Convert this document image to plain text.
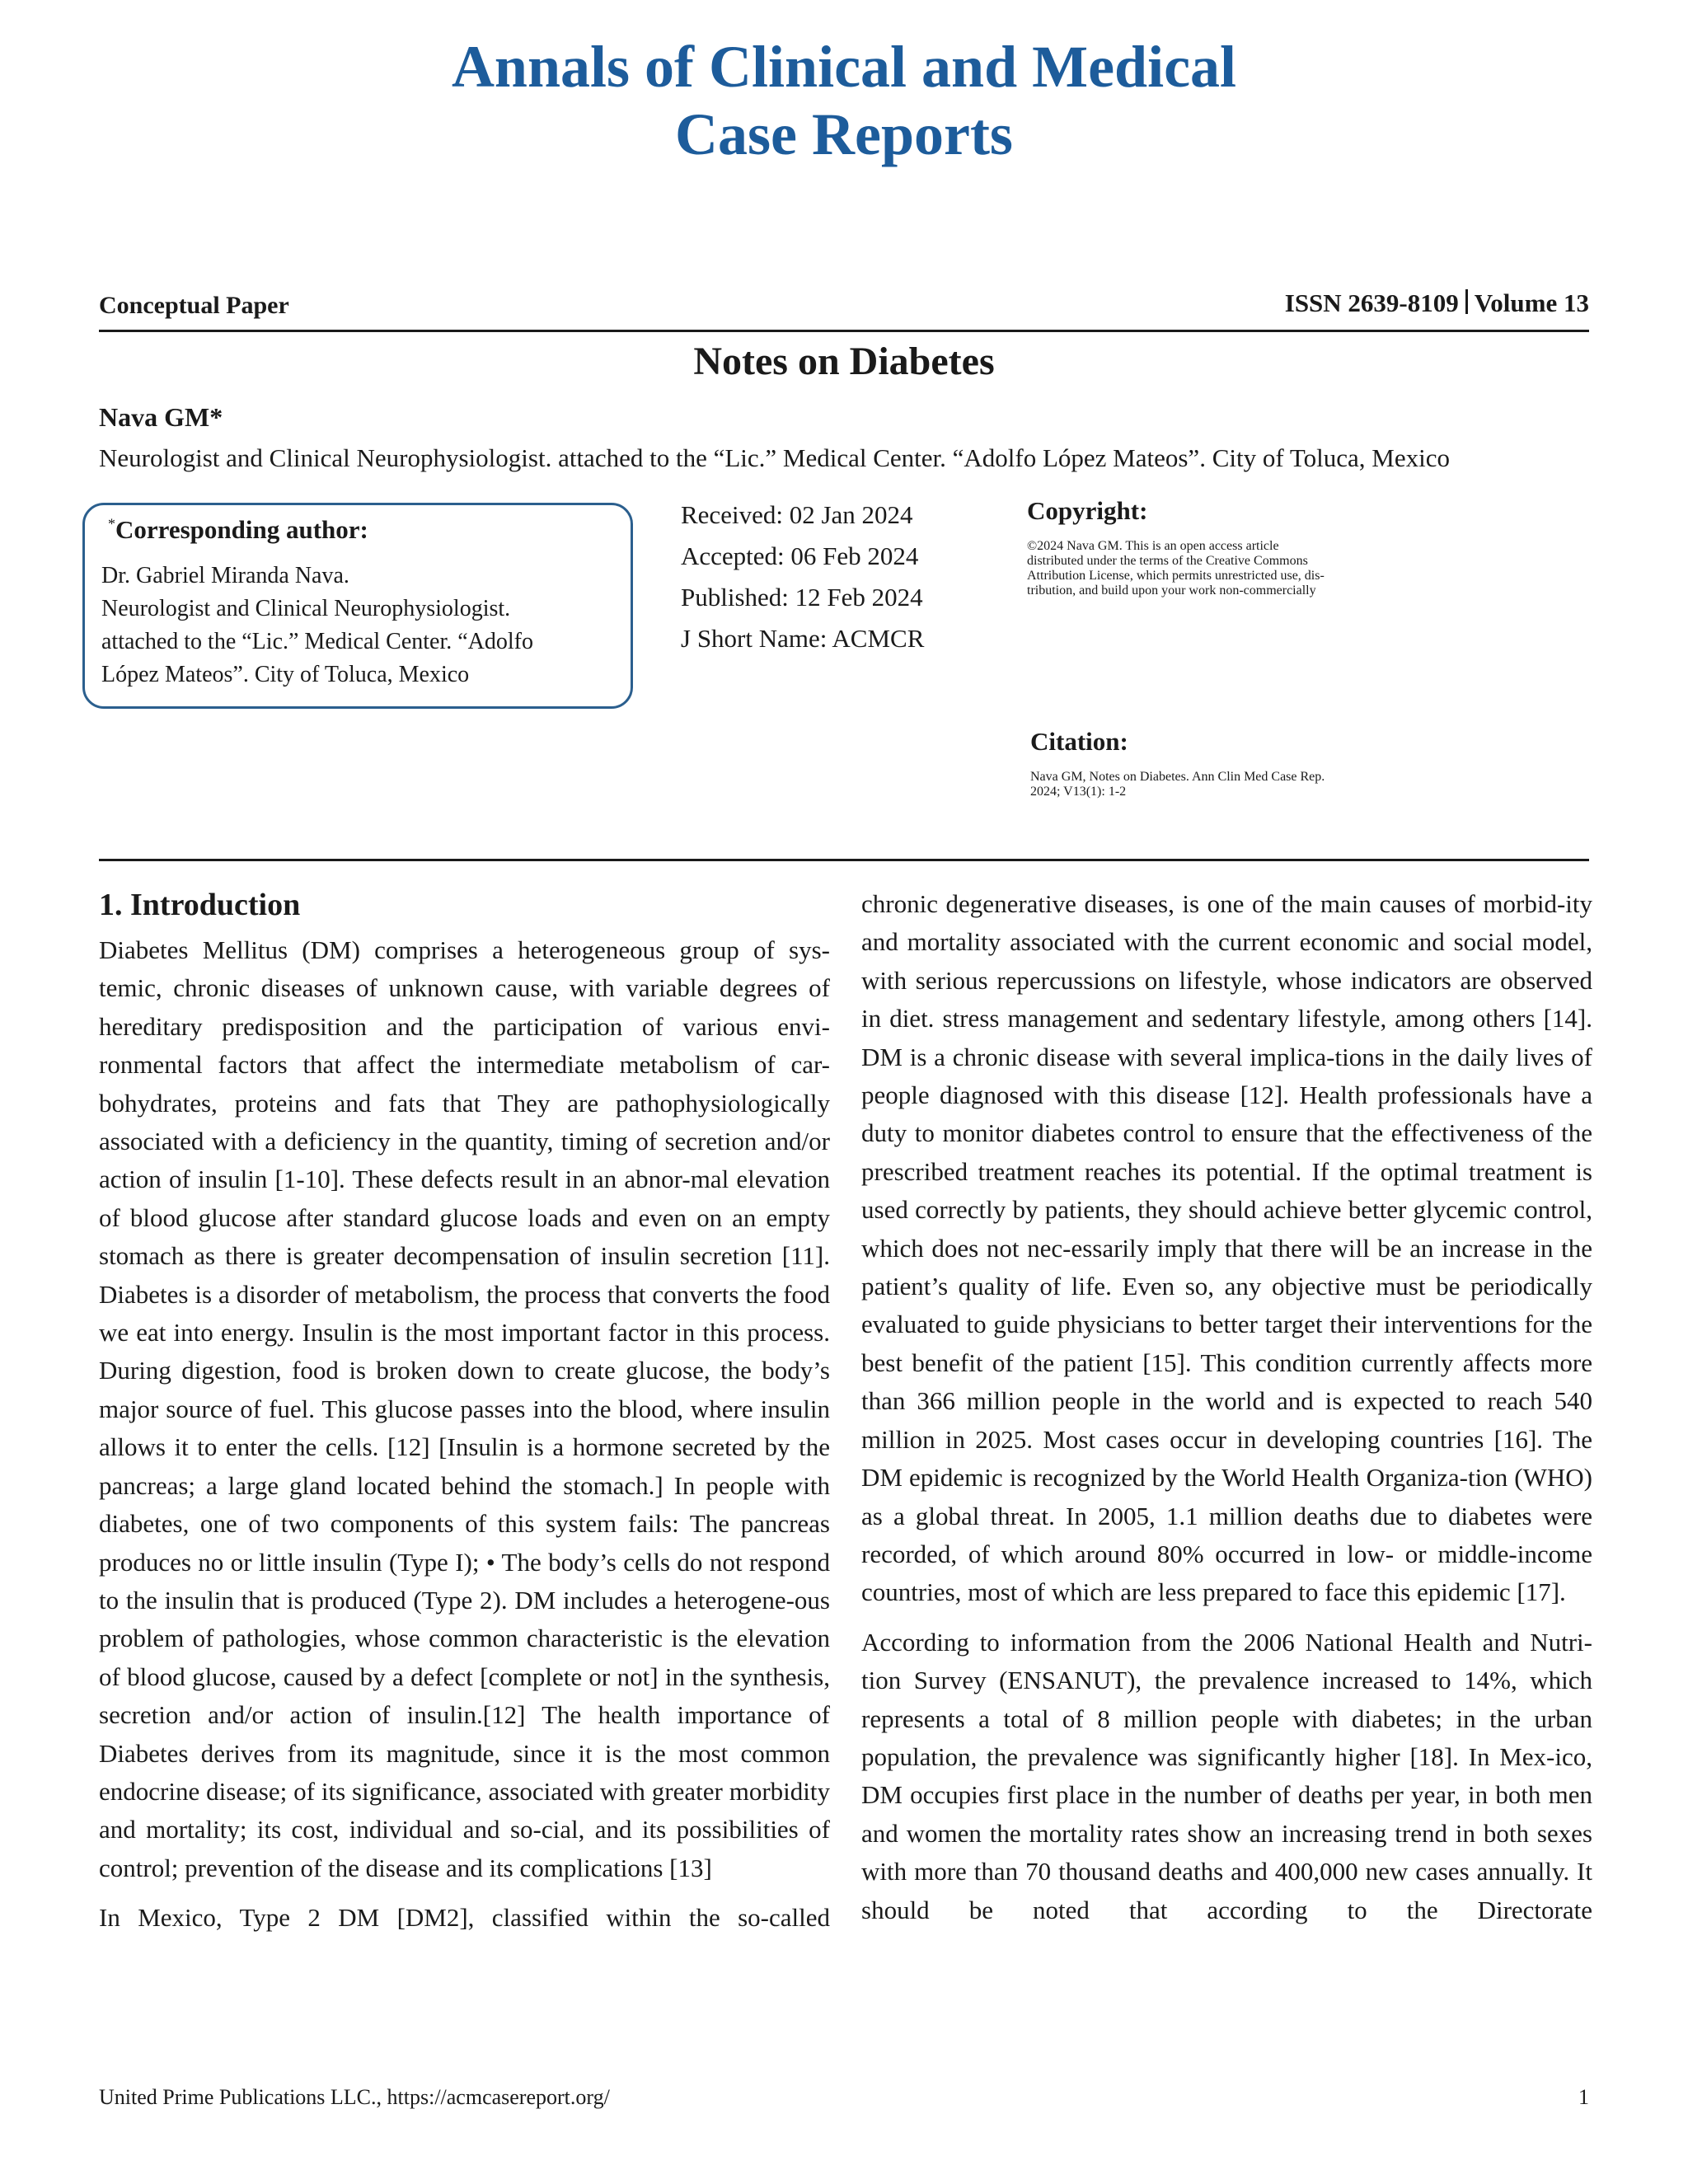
Annals of Clinical and Medical
Case Reports
Conceptual Paper	ISSN 2639-8109 Volume 13
Notes on Diabetes
Nava GM*
Neurologist and Clinical Neurophysiologist. attached to the “Lic.” Medical Center. “Adolfo López Mateos”. City of Toluca, Mexico
*Corresponding author:
Dr. Gabriel Miranda Nava.
Neurologist and Clinical Neurophysiologist.
attached to the “Lic.” Medical Center. “Adolfo
López Mateos”. City of Toluca, Mexico
Received: 02 Jan 2024
Accepted: 06 Feb 2024
Published: 12 Feb 2024
J Short Name: ACMCR
Copyright:

©2024 Nava GM. This is an open access article
distributed under the terms of the Creative Commons
Attribution License, which permits unrestricted use, dis-
tribution, and build upon your work non-commercially

Citation:

Nava GM, Notes on Diabetes. Ann Clin Med Case Rep.
2024; V13(1): 1-2

1. Introduction

Diabetes Mellitus (DM) comprises a heterogeneous group of sys-temic, chronic diseases of unknown cause, with variable degrees of hereditary predisposition and the participation of various envi-ronmental factors that affect the intermediate metabolism of car-bohydrates, proteins and fats that They are pathophysiologically associated with a deficiency in the quantity, timing of secretion and/or action of insulin [1-10]. These defects result in an abnor-mal elevation of blood glucose after standard glucose loads and even on an empty stomach as there is greater decompensation of insulin secretion [11]. Diabetes is a disorder of metabolism, the process that converts the food we eat into energy. Insulin is the most important factor in this process. During digestion, food is broken down to create glucose, the body’s major source of fuel. This glucose passes into the blood, where insulin allows it to enter the cells. [12] [Insulin is a hormone secreted by the pancreas; a large gland located behind the stomach.] In people with diabetes, one of two components of this system fails: The pancreas produces no or little insulin (Type I); • The body’s cells do not respond to the insulin that is produced (Type 2). DM includes a heterogene-ous problem of pathologies, whose common characteristic is the elevation of blood glucose, caused by a defect [complete or not] in the synthesis, secretion and/or action of insulin.[12] The health importance of Diabetes derives from its magnitude, since it is the most common endocrine disease; of its significance, associated with greater morbidity and mortality; its cost, individual and so-cial, and its possibilities of control; prevention of the disease and its complications [13]

In Mexico, Type 2 DM [DM2], classified within the so-called

chronic degenerative diseases, is one of the main causes of morbid-ity and mortality associated with the current economic and social model, with serious repercussions on lifestyle, whose indicators are observed in diet. stress management and sedentary lifestyle, among others [14]. DM is a chronic disease with several implica-tions in the daily lives of people diagnosed with this disease [12]. Health professionals have a duty to monitor diabetes control to ensure that the effectiveness of the prescribed treatment reaches its potential. If the optimal treatment is used correctly by patients, they should achieve better glycemic control, which does not nec-essarily imply that there will be an increase in the patient’s quality of life. Even so, any objective must be periodically evaluated to guide physicians to better target their interventions for the best benefit of the patient [15]. This condition currently affects more than 366 million people in the world and is expected to reach 540 million in 2025. Most cases occur in developing countries [16]. The DM epidemic is recognized by the World Health Organiza-tion (WHO) as a global threat. In 2005, 1.1 million deaths due to diabetes were recorded, of which around 80% occurred in low- or middle-income countries, most of which are less prepared to face this epidemic [17].

According to information from the 2006 National Health and Nutri-tion Survey (ENSANUT), the prevalence increased to 14%, which represents a total of 8 million people with diabetes; in the urban population, the prevalence was significantly higher [18]. In Mex-ico, DM occupies first place in the number of deaths per year, in both men and women the mortality rates show an increasing trend in both sexes with more than 70 thousand deaths and 400,000 new cases annually. It should be noted that according to the Directorate

United Prime Publications LLC., https://acmcasereport.org/	1
